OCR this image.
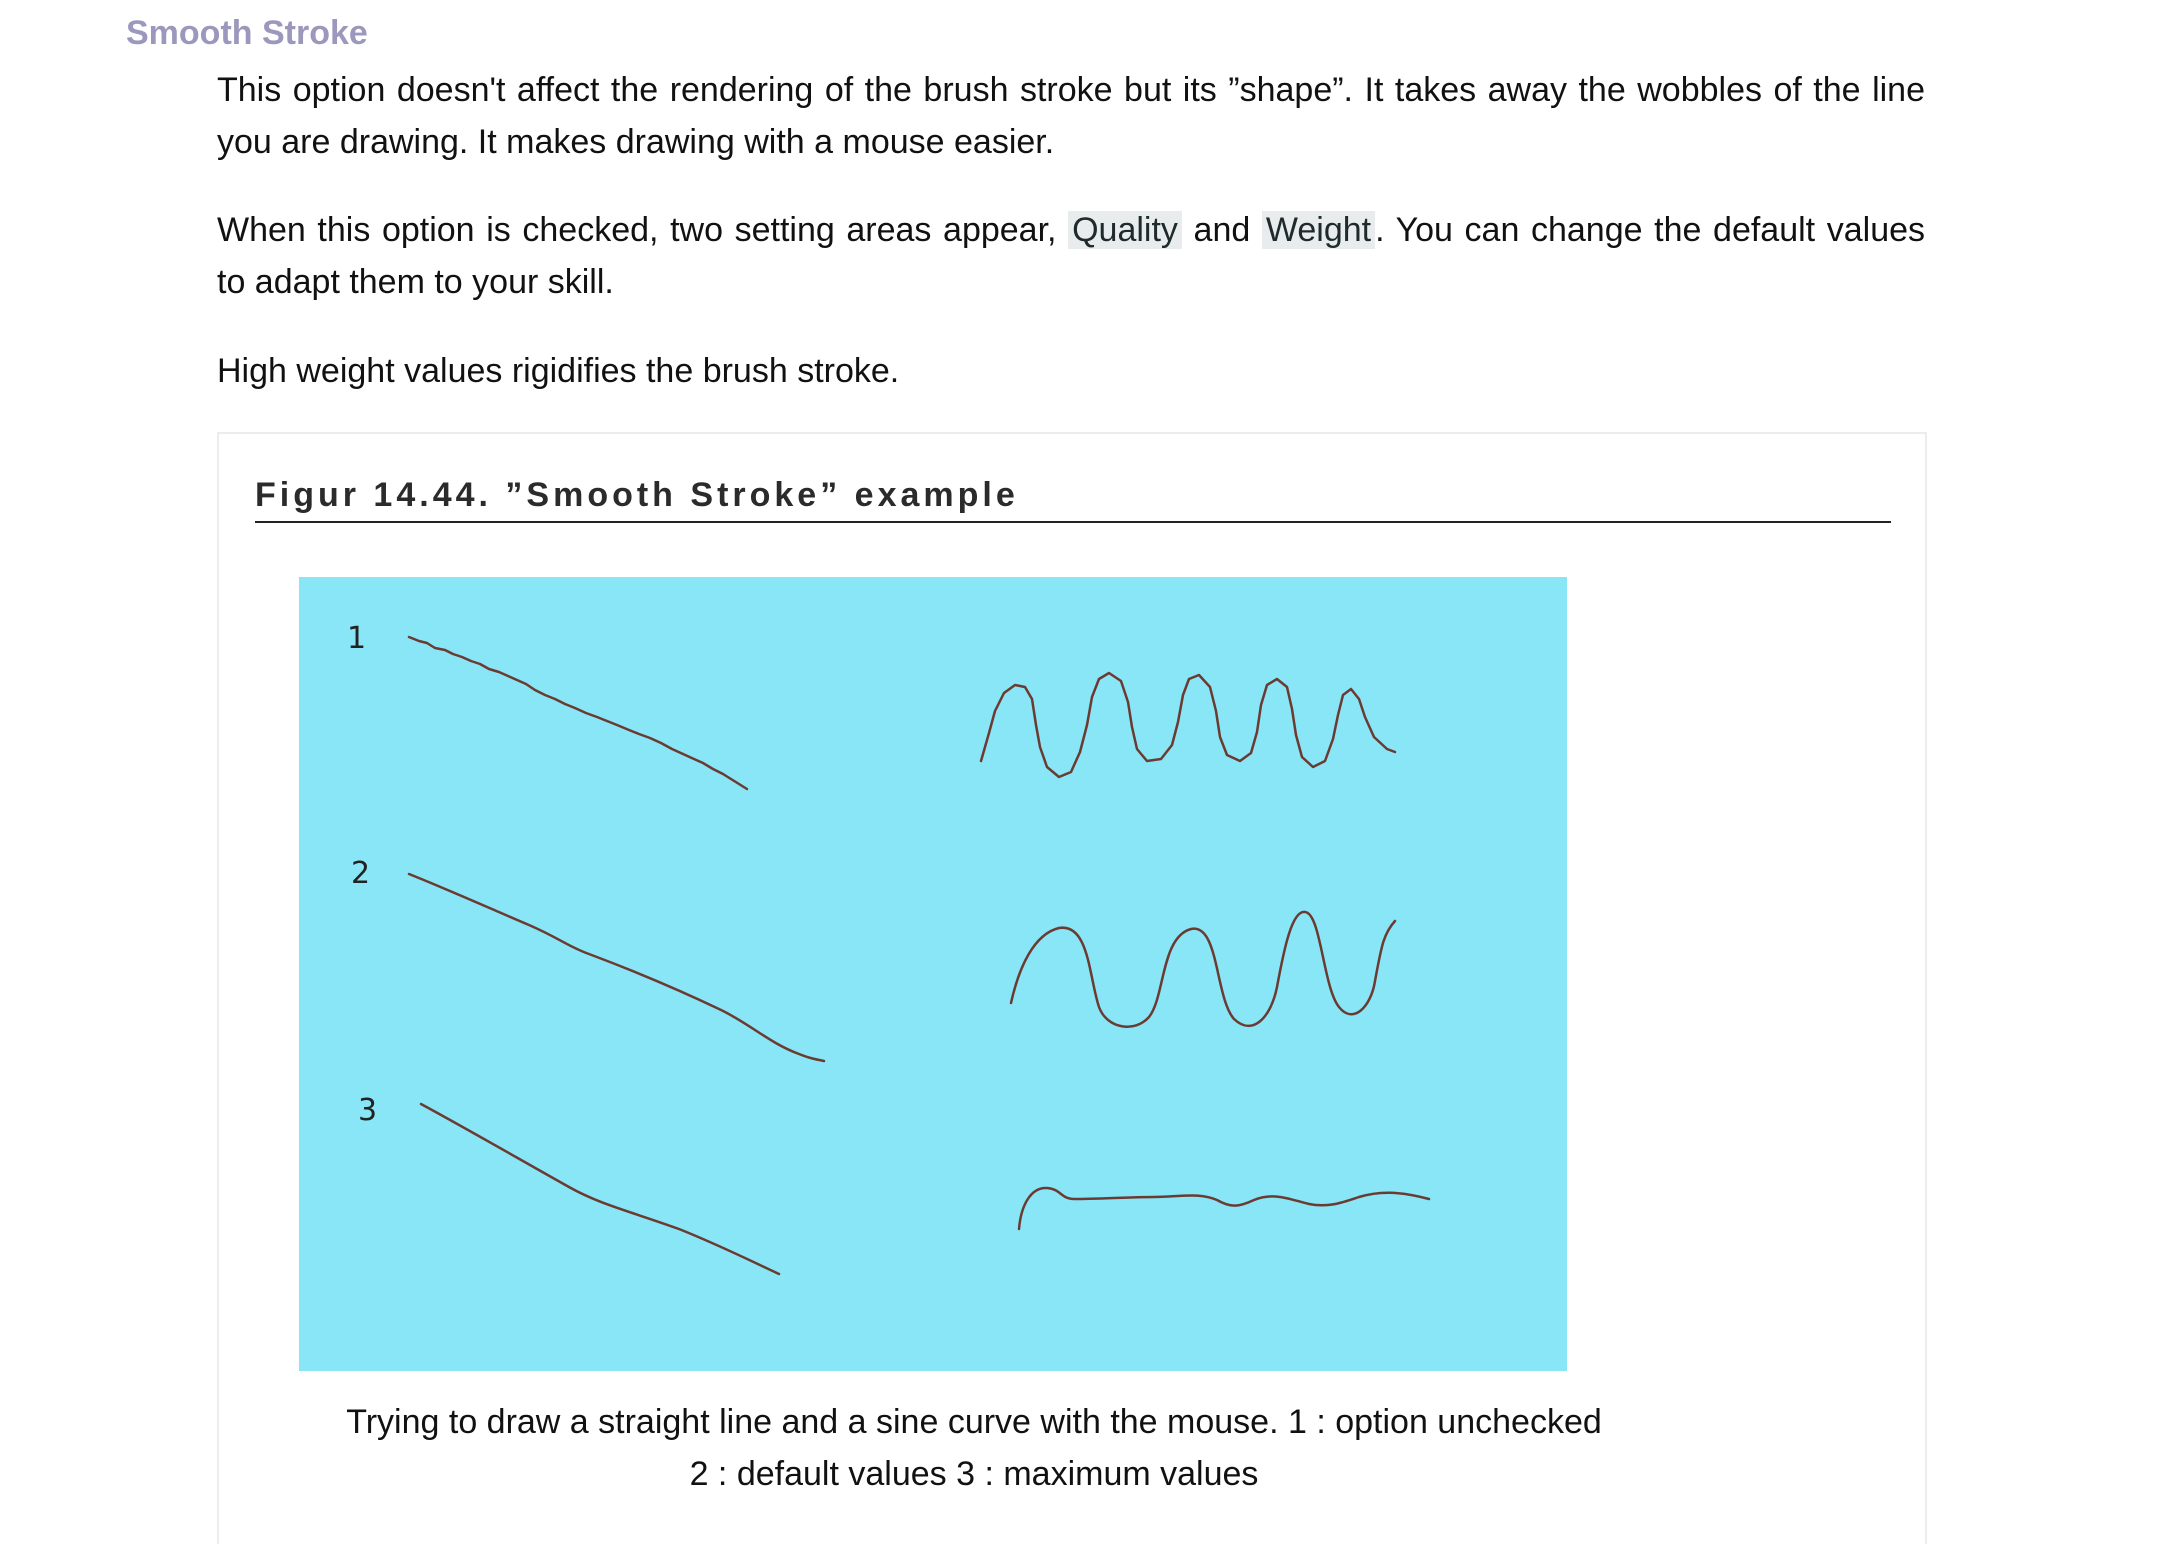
Smooth Stroke

This option doesn't affect the rendering of the brush stroke but its ”shape”. It takes away the wobbles of the line you are drawing. It makes drawing with a mouse easier.

When this option is checked, two setting areas appear, Quality and Weight . You can change the default values to adapt them to your skill.

High weight values rigidifies the brush stroke.

Figur 14.44. ”Smooth Stroke” example

1
2
3

Trying to draw a straight line and a sine curve with the mouse. 1 : option unchecked
2 : default values 3 : maximum values
